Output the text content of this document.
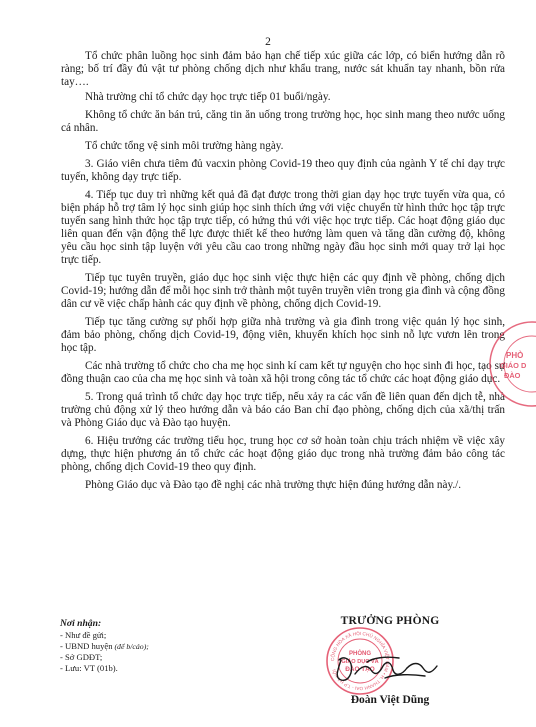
2

Tổ chức phân luồng học sinh đảm bảo hạn chế tiếp xúc giữa các lớp, có biển hướng dẫn rõ ràng; bố trí đầy đủ vật tư phòng chống dịch như khẩu trang, nước sát khuẩn tay nhanh, bồn rửa tay….

Nhà trường chỉ tổ chức dạy học trực tiếp 01 buổi/ngày.

Không tổ chức ăn bán trú, căng tin ăn uống trong trường học, học sinh mang theo nước uống cá nhân.

Tổ chức tổng vệ sinh môi trường hàng ngày.

3. Giáo viên chưa tiêm đủ vacxin phòng Covid-19 theo quy định của ngành Y tế chỉ dạy trực tuyến, không dạy trực tiếp.

4. Tiếp tục duy trì những kết quả đã đạt được trong thời gian dạy học trực tuyến vừa qua, có biện pháp hỗ trợ tâm lý học sinh giúp học sinh thích ứng với việc chuyển từ hình thức học tập trực tuyến sang hình thức học tập trực tiếp, có hứng thú với việc học trực tiếp. Các hoạt động giáo dục liên quan đến vận động thể lực được thiết kế theo hướng làm quen và tăng dần cường độ, không yêu cầu học sinh tập luyện với yêu cầu cao trong những ngày đầu học sinh mới quay trở lại học trực tiếp.

Tiếp tục tuyên truyền, giáo dục học sinh việc thực hiện các quy định về phòng, chống dịch Covid-19; hướng dẫn để mỗi học sinh trở thành một tuyên truyền viên trong gia đình và cộng đồng dân cư về việc chấp hành các quy định về phòng, chống dịch Covid-19.

Tiếp tục tăng cường sự phối hợp giữa nhà trường và gia đình trong việc quản lý học sinh, đảm bảo phòng, chống dịch Covid-19, động viên, khuyến khích học sinh nỗ lực vươn lên trong học tập.

Các nhà trường tổ chức cho cha mẹ học sinh kí cam kết tự nguyện cho học sinh đi học, tạo sự đồng thuận cao của cha mẹ học sinh và toàn xã hội trong công tác tổ chức các hoạt động giáo dục.

5. Trong quá trình tổ chức dạy học trực tiếp, nếu xảy ra các vấn đề liên quan đến dịch tễ, nhà trường chủ động xử lý theo hướng dẫn và báo cáo Ban chỉ đạo phòng, chống dịch của xã/thị trấn và Phòng Giáo dục và Đào tạo huyện.

6. Hiệu trưởng các trường tiểu học, trung học cơ sở hoàn toàn chịu trách nhiệm về việc xây dựng, thực hiện phương án tổ chức các hoạt động giáo dục trong nhà trường đảm bảo công tác phòng, chống dịch Covid-19 theo quy định.

Phòng Giáo dục và Đào tạo đề nghị các nhà trường thực hiện đúng hướng dẫn này./.

Nơi nhận:
- Như đề gửi;
- UBND huyện (để b/cáo);
- Sở GDĐT;
- Lưu: VT (01b).
TRƯỞNG PHÒNG
CỘNG HÒA XÃ HỘI CHỦ NGHĨA VIỆT NAM • H. THANH OAI - T.P HÀ NỘI
PHÒNG
GIÁO DỤC VÀ
ĐÀO TẠO
Đoàn Việt Dũng
PHÒ
GIÁO D
ĐÀO
